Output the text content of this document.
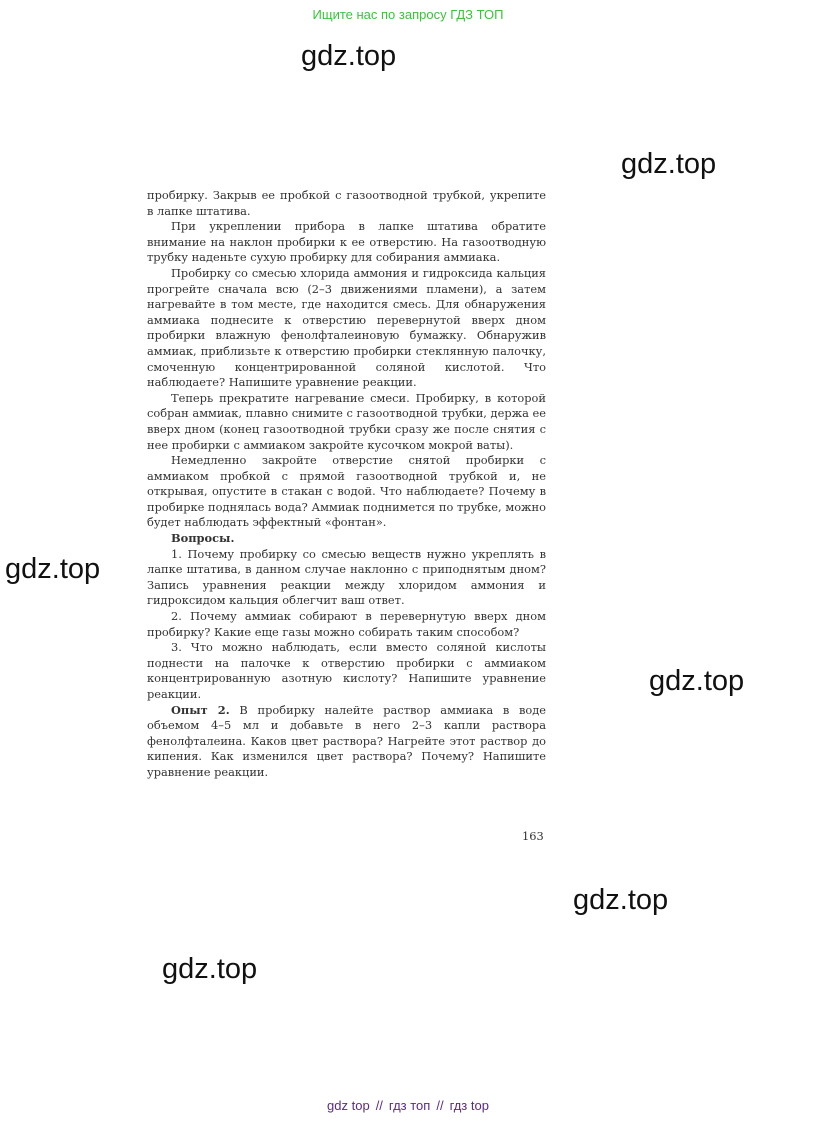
Ищите нас по запросу ГДЗ ТОП
gdz.top
gdz.top
gdz.top
gdz.top
gdz.top
gdz.top

пробирку. Закрыв ее пробкой с газоотводной трубкой, укрепите в лапке штатива.

При укреплении прибора в лапке штатива обратите внимание на наклон пробирки к ее отверстию. На газоотводную трубку наденьте сухую пробирку для собирания аммиака.

Пробирку со смесью хлорида аммония и гидроксида кальция прогрейте сначала всю (2–3 движениями пламени), а затем нагревайте в том месте, где находится смесь. Для обнаружения аммиака поднесите к отверстию перевернутой вверх дном пробирки влажную фенолфталеиновую бумажку. Обнаружив аммиак, приблизьте к отверстию пробирки стеклянную палочку, смоченную концентрированной соляной кислотой. Что наблюдаете? Напишите уравнение реакции.

Теперь прекратите нагревание смеси. Пробирку, в которой собран аммиак, плавно снимите с газоотводной трубки, держа ее вверх дном (конец газоотводной трубки сразу же после снятия с нее пробирки с аммиаком закройте кусочком мокрой ваты).

Немедленно закройте отверстие снятой пробирки с аммиаком пробкой с прямой газоотводной трубкой и, не открывая, опустите в стакан с водой. Что наблюдаете? Почему в пробирке поднялась вода? Аммиак поднимется по трубке, можно будет наблюдать эффектный «фонтан».

Вопросы.

1. Почему пробирку со смесью веществ нужно укреплять в лапке штатива, в данном случае наклонно с приподнятым дном? Запись уравнения реакции между хлоридом аммония и гидроксидом кальция облегчит ваш ответ.

2. Почему аммиак собирают в перевернутую вверх дном пробирку? Какие еще газы можно собирать таким способом?

3. Что можно наблюдать, если вместо соляной кислоты поднести на палочке к отверстию пробирки с аммиаком концентрированную азотную кислоту? Напишите уравнение реакции.

Опыт 2. В пробирку налейте раствор аммиака в воде объемом 4–5 мл и добавьте в него 2–3 капли раствора фенолфталеина. Каков цвет раствора? Нагрейте этот раствор до кипения. Как изменился цвет раствора? Почему? Напишите уравнение реакции.

163
gdz top // гдз топ // гдз top
